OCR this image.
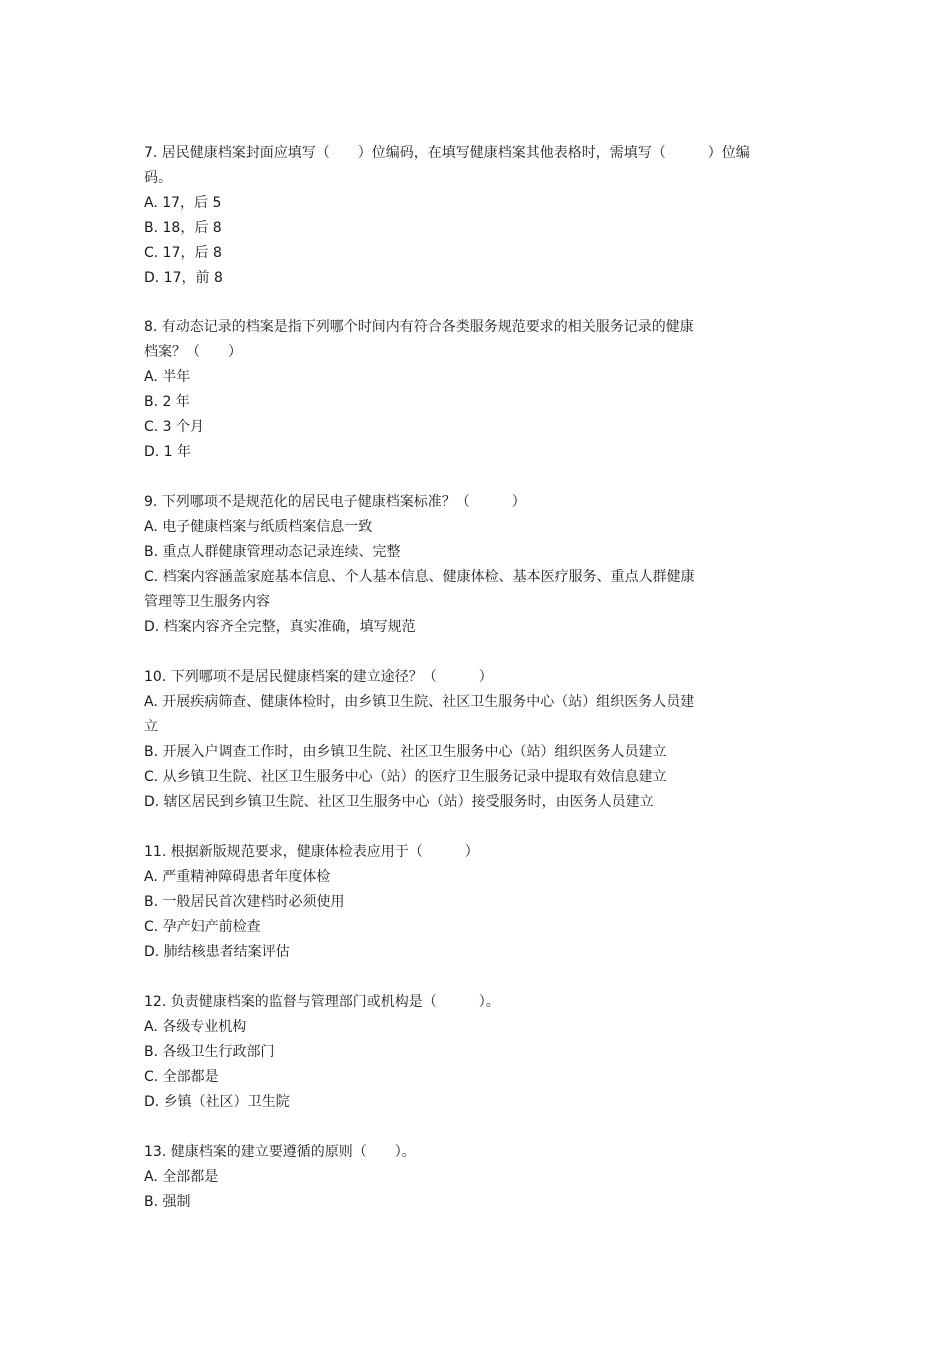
7. 居民健康档案封面应填写（　　）位编码，在填写健康档案其他表格时，需填写（　　　）位编
码。
A. 17，后 5
B. 18，后 8
C. 17，后 8
D. 17，前 8
8. 有动态记录的档案是指下列哪个时间内有符合各类服务规范要求的相关服务记录的健康
档案？（　　）
A. 半年
B. 2 年
C. 3 个月
D. 1 年
9. 下列哪项不是规范化的居民电子健康档案标准？（　　　）
A. 电子健康档案与纸质档案信息一致
B. 重点人群健康管理动态记录连续、完整
C. 档案内容涵盖家庭基本信息、个人基本信息、健康体检、基本医疗服务、重点人群健康
管理等卫生服务内容
D. 档案内容齐全完整，真实准确，填写规范
10. 下列哪项不是居民健康档案的建立途径？（　　　）
A. 开展疾病筛查、健康体检时，由乡镇卫生院、社区卫生服务中心（站）组织医务人员建
立
B. 开展入户调查工作时，由乡镇卫生院、社区卫生服务中心（站）组织医务人员建立
C. 从乡镇卫生院、社区卫生服务中心（站）的医疗卫生服务记录中提取有效信息建立
D. 辖区居民到乡镇卫生院、社区卫生服务中心（站）接受服务时，由医务人员建立
11. 根据新版规范要求，健康体检表应用于（　　　）
A. 严重精神障碍患者年度体检
B. 一般居民首次建档时必须使用
C. 孕产妇产前检查
D. 肺结核患者结案评估
12. 负责健康档案的监督与管理部门或机构是（　　　）。
A. 各级专业机构
B. 各级卫生行政部门
C. 全部都是
D. 乡镇（社区）卫生院
13. 健康档案的建立要遵循的原则（　　）。
A. 全部都是
B. 强制
